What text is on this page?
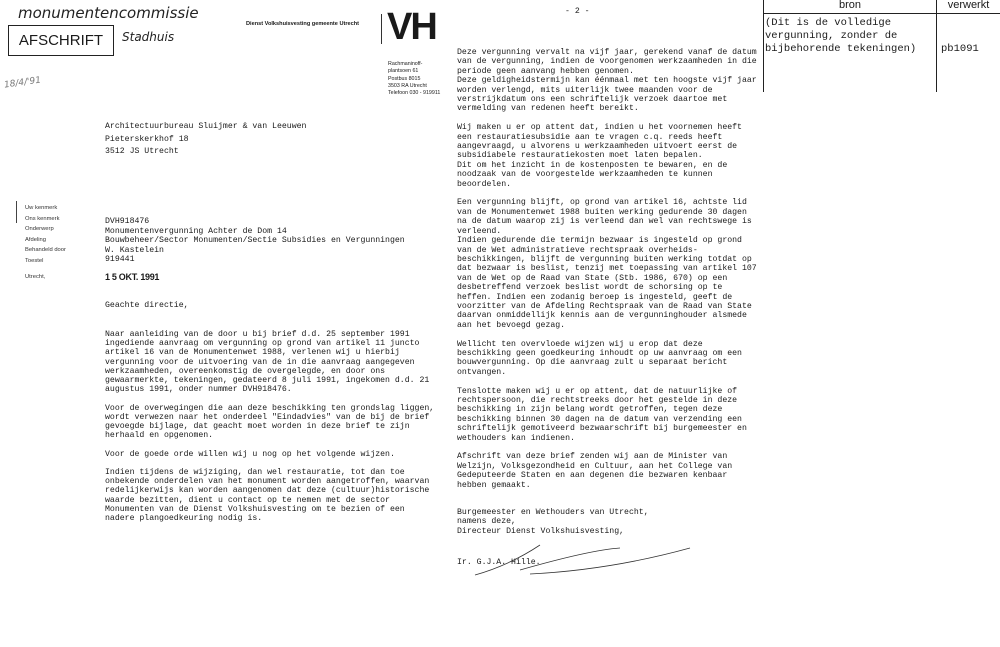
monumentencommissie
AFSCHRIFT	Stadhuis
18/4/'91
Dienst Volkshuisvesting gemeente Utrecht VH
Rachmaninoff-
plantsoen 61
Postbus 8015
3503 RA Utrecht
Telefoon 030 - 919911
Architectuurbureau Sluijmer & van Leeuwen
Pieterskerkhof 18
3512 JS Utrecht
Uw kenmerk
Ons kenmerk
Onderwerp
Afdeling
Behandeld door
Toestel
Utrecht,
DVH918476
Monumentenvergunning Achter de Dom 14
Bouwbeheer/Sector Monumenten/Sectie Subsidies en Vergunningen
W. Kastelein
919441
1 5 OKT. 1991
Geachte directie,

Naar aanleiding van de door u bij brief d.d. 25 september 1991
ingediende aanvraag om vergunning op grond van artikel 11 juncto
artikel 16 van de Monumentenwet 1988, verlenen wij u hierbij
vergunning voor de uitvoering van de in die aanvraag aangegeven
werkzaamheden, overeenkomstig de overgelegde, en door ons
gewaarmerkte, tekeningen, gedateerd 8 juli 1991, ingekomen d.d. 21
augustus 1991, onder nummer DVH918476.

Voor de overwegingen die aan deze beschikking ten grondslag liggen,
wordt verwezen naar het onderdeel "Eindadvies" van de bij de brief
gevoegde bijlage, dat geacht moet worden in deze brief te zijn
herhaald en opgenomen.

Voor de goede orde willen wij u nog op het volgende wijzen.

Indien tijdens de wijziging, dan wel restauratie, tot dan toe
onbekende onderdelen van het monument worden aangetroffen, waarvan
redelijkerwijs kan worden aangenomen dat deze (cultuur)historische
waarde bezitten, dient u contact op te nemen met de sector
Monumenten van de Dienst Volkshuisvesting om te bezien of een
nadere plangoedkeuring nodig is.

- 2 -

Deze vergunning vervalt na vijf jaar, gerekend vanaf de datum
van de vergunning, indien de voorgenomen werkzaamheden in die
periode geen aanvang hebben genomen.
Deze geldigheidstermijn kan éénmaal met ten hoogste vijf jaar
worden verlengd, mits uiterlijk twee maanden voor de
verstrijkdatum ons een schriftelijk verzoek daartoe met
vermelding van redenen heeft bereikt.

Wij maken u er op attent dat, indien u het voornemen heeft
een restauratiesubsidie aan te vragen c.q. reeds heeft
aangevraagd, u alvorens u werkzaamheden uitvoert eerst de
subsidiabele restauratiekosten moet laten bepalen.
Dit om het inzicht in de kostenposten te bewaren, en de
noodzaak van de voorgestelde werkzaamheden te kunnen
beoordelen.

Een vergunning blijft, op grond van artikel 16, achtste lid
van de Monumentenwet 1988 buiten werking gedurende 30 dagen
na de datum waarop zij is verleend dan wel van rechtswege is
verleend.
Indien gedurende die termijn bezwaar is ingesteld op grond
van de Wet administratieve rechtspraak overheids-
beschikkingen, blijft de vergunning buiten werking totdat op
dat bezwaar is beslist, tenzij met toepassing van artikel 107
van de Wet op de Raad van State (Stb. 1986, 670) op een
desbetreffend verzoek beslist wordt de schorsing op te
heffen. Indien een zodanig beroep is ingesteld, geeft de
voorzitter van de Afdeling Rechtspraak van de Raad van State
daarvan onmiddellijk kennis aan de vergunninghouder alsmede
aan het bevoegd gezag.

Wellicht ten overvloede wijzen wij u erop dat deze
beschikking geen goedkeuring inhoudt op uw aanvraag om een
bouwvergunning. Op die aanvraag zult u separaat bericht
ontvangen.

Tenslotte maken wij u er op attent, dat de natuurlijke of
rechtspersoon, die rechtstreeks door het gestelde in deze
beschikking in zijn belang wordt getroffen, tegen deze
beschikking binnen 30 dagen na de datum van verzending een
schriftelijk gemotiveerd bezwaarschrift bij burgemeester en
wethouders kan indienen.

Afschrift van deze brief zenden wij aan de Minister van
Welzijn, Volksgezondheid en Cultuur, aan het College van
Gedeputeerde Staten en aan degenen die bezwaren kenbaar
hebben gemaakt.

Burgemeester en Wethouders van Utrecht,
namens deze,
Directeur Dienst Volkshuisvesting,
Ir. G.J.A. Hille.
bron	verwerkt
(Dit is de volledige
vergunning, zonder de
bijbehorende tekeningen) pb1091
